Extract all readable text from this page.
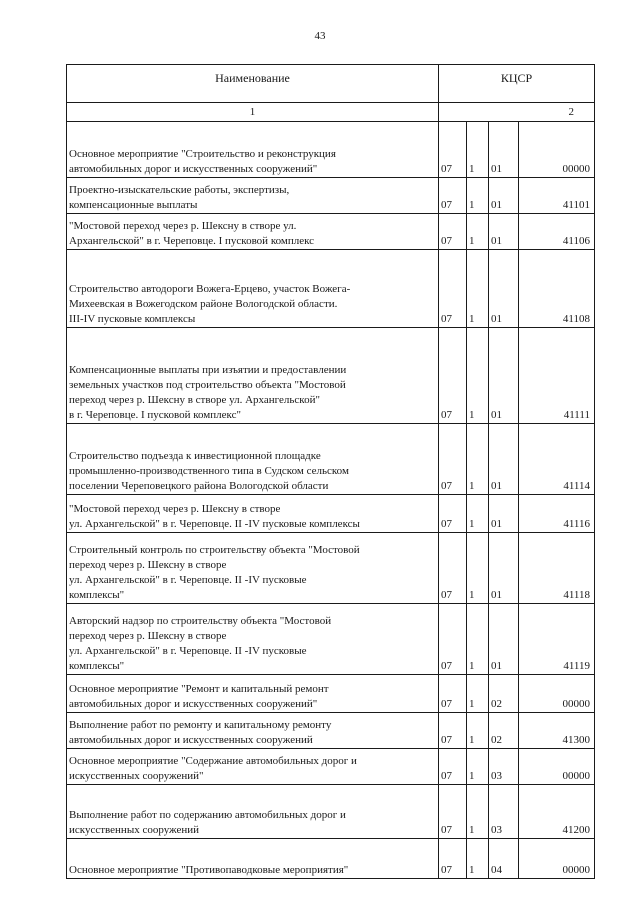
43
Наименование	КЦСР			
1	2			
Основное мероприятие "Строительство и реконструкция
автомобильных дорог и искусственных сооружений"	07	1	01	00000
Проектно-изыскательские работы, экспертизы,
компенсационные выплаты	07	1	01	41101
"Мостовой переход через р. Шексну в створе ул.
Архангельской" в г. Череповце. I пусковой комплекс	07	1	01	41106
Строительство автодороги Вожега-Ерцево, участок Вожега-
Михеевская в Вожегодском районе Вологодской области.
III-IV пусковые комплексы	07	1	01	41108
Компенсационные выплаты при изъятии и предоставлении
земельных участков под строительство объекта "Мостовой
переход через р. Шексну в створе ул. Архангельской"
в г. Череповце. I пусковой комплекс"	07	1	01	41111
Строительство подъезда к инвестиционной площадке
промышленно-производственного типа в Судском сельском
поселении Череповецкого района Вологодской области	07	1	01	41114
"Мостовой переход через р. Шексну в створе
ул. Архангельской" в г. Череповце. II -IV пусковые комплексы	07	1	01	41116
Строительный контроль по строительству объекта "Мостовой
переход через р. Шексну в створе
ул. Архангельской" в г. Череповце. II -IV пусковые
комплексы"	07	1	01	41118
Авторский надзор по строительству объекта "Мостовой
переход через р. Шексну в створе
ул. Архангельской" в г. Череповце. II -IV пусковые
комплексы"	07	1	01	41119
Основное мероприятие "Ремонт и капитальный ремонт
автомобильных дорог и искусственных сооружений"	07	1	02	00000
Выполнение работ по ремонту и капитальному ремонту
автомобильных дорог и искусственных сооружений	07	1	02	41300
Основное мероприятие "Содержание автомобильных дорог и
искусственных сооружений"	07	1	03	00000
Выполнение работ по содержанию автомобильных дорог и
искусственных сооружений	07	1	03	41200
Основное мероприятие "Противопаводковые мероприятия"	07	1	04	00000
